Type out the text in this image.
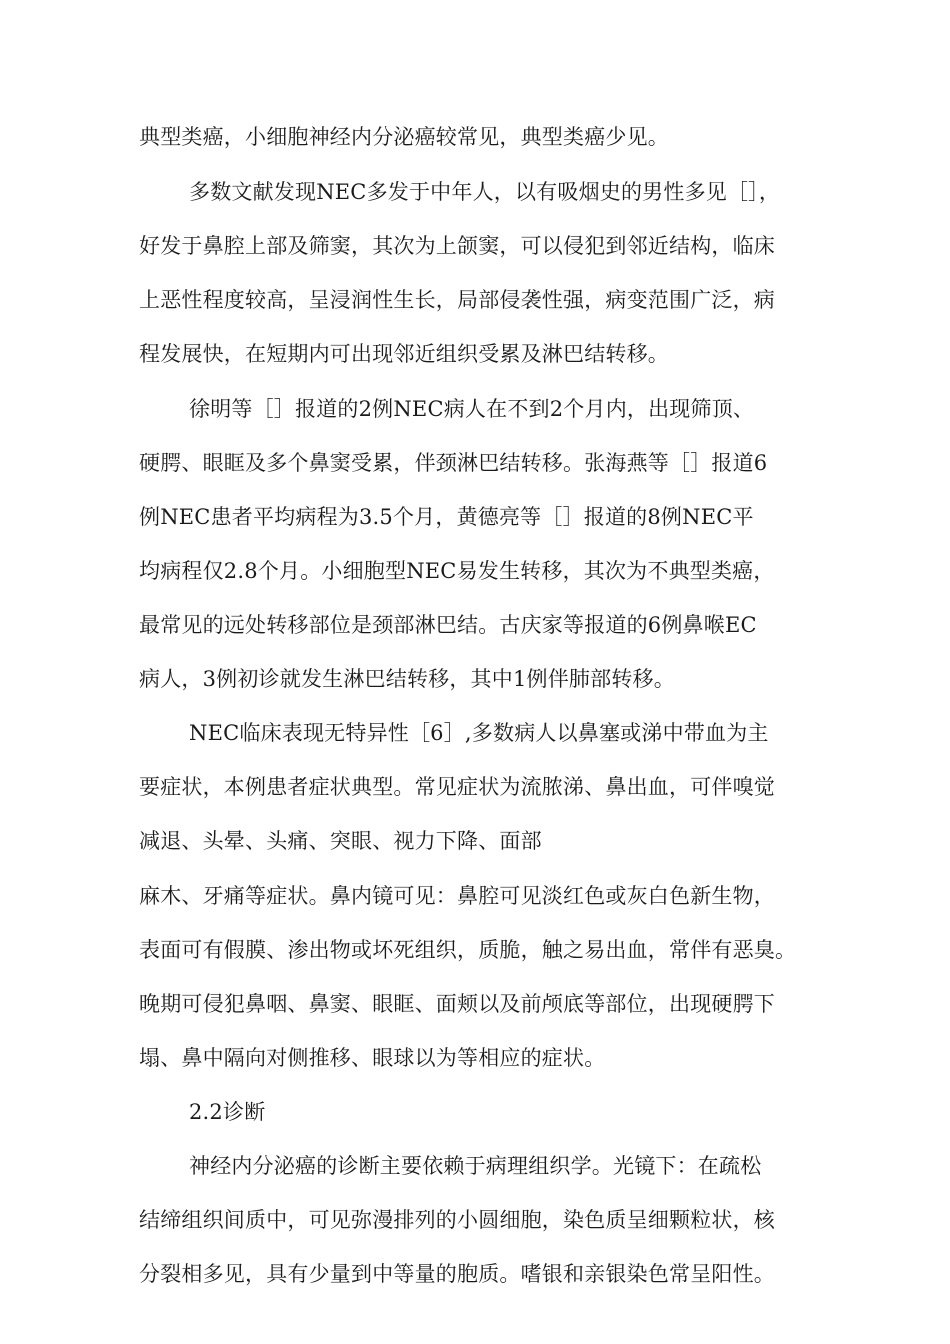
典型类癌，小细胞神经内分泌癌较常见，典型类癌少见。
多数文献发现NEC多发于中年人，以有吸烟史的男性多见［］，
好发于鼻腔上部及筛窦，其次为上颌窦，可以侵犯到邻近结构，临床
上恶性程度较高，呈浸润性生长，局部侵袭性强，病变范围广泛，病
程发展快，在短期内可出现邻近组织受累及淋巴结转移。
徐明等［］报道的2例NEC病人在不到2个月内，出现筛顶、
硬腭、眼眶及多个鼻窦受累，伴颈淋巴结转移。张海燕等［］报道6
例NEC患者平均病程为3.5个月，黄德亮等［］报道的8例NEC平
均病程仅2.8个月。小细胞型NEC易发生转移，其次为不典型类癌，
最常见的远处转移部位是颈部淋巴结。古庆家等报道的6例鼻喉EC
病人，3例初诊就发生淋巴结转移，其中1例伴肺部转移。
NEC临床表现无特异性［6］,多数病人以鼻塞或涕中带血为主
要症状，本例患者症状典型。常见症状为流脓涕、鼻出血，可伴嗅觉
减退、头晕、头痛、突眼、视力下降、面部
麻木、牙痛等症状。鼻内镜可见：鼻腔可见淡红色或灰白色新生物，
表面可有假膜、渗出物或坏死组织，质脆，触之易出血，常伴有恶臭。
晚期可侵犯鼻咽、鼻窦、眼眶、面颊以及前颅底等部位，出现硬腭下
塌、鼻中隔向对侧推移、眼球以为等相应的症状。
2.2诊断
神经内分泌癌的诊断主要依赖于病理组织学。光镜下：在疏松
结缔组织间质中，可见弥漫排列的小圆细胞，染色质呈细颗粒状，核
分裂相多见，具有少量到中等量的胞质。嗜银和亲银染色常呈阳性。
